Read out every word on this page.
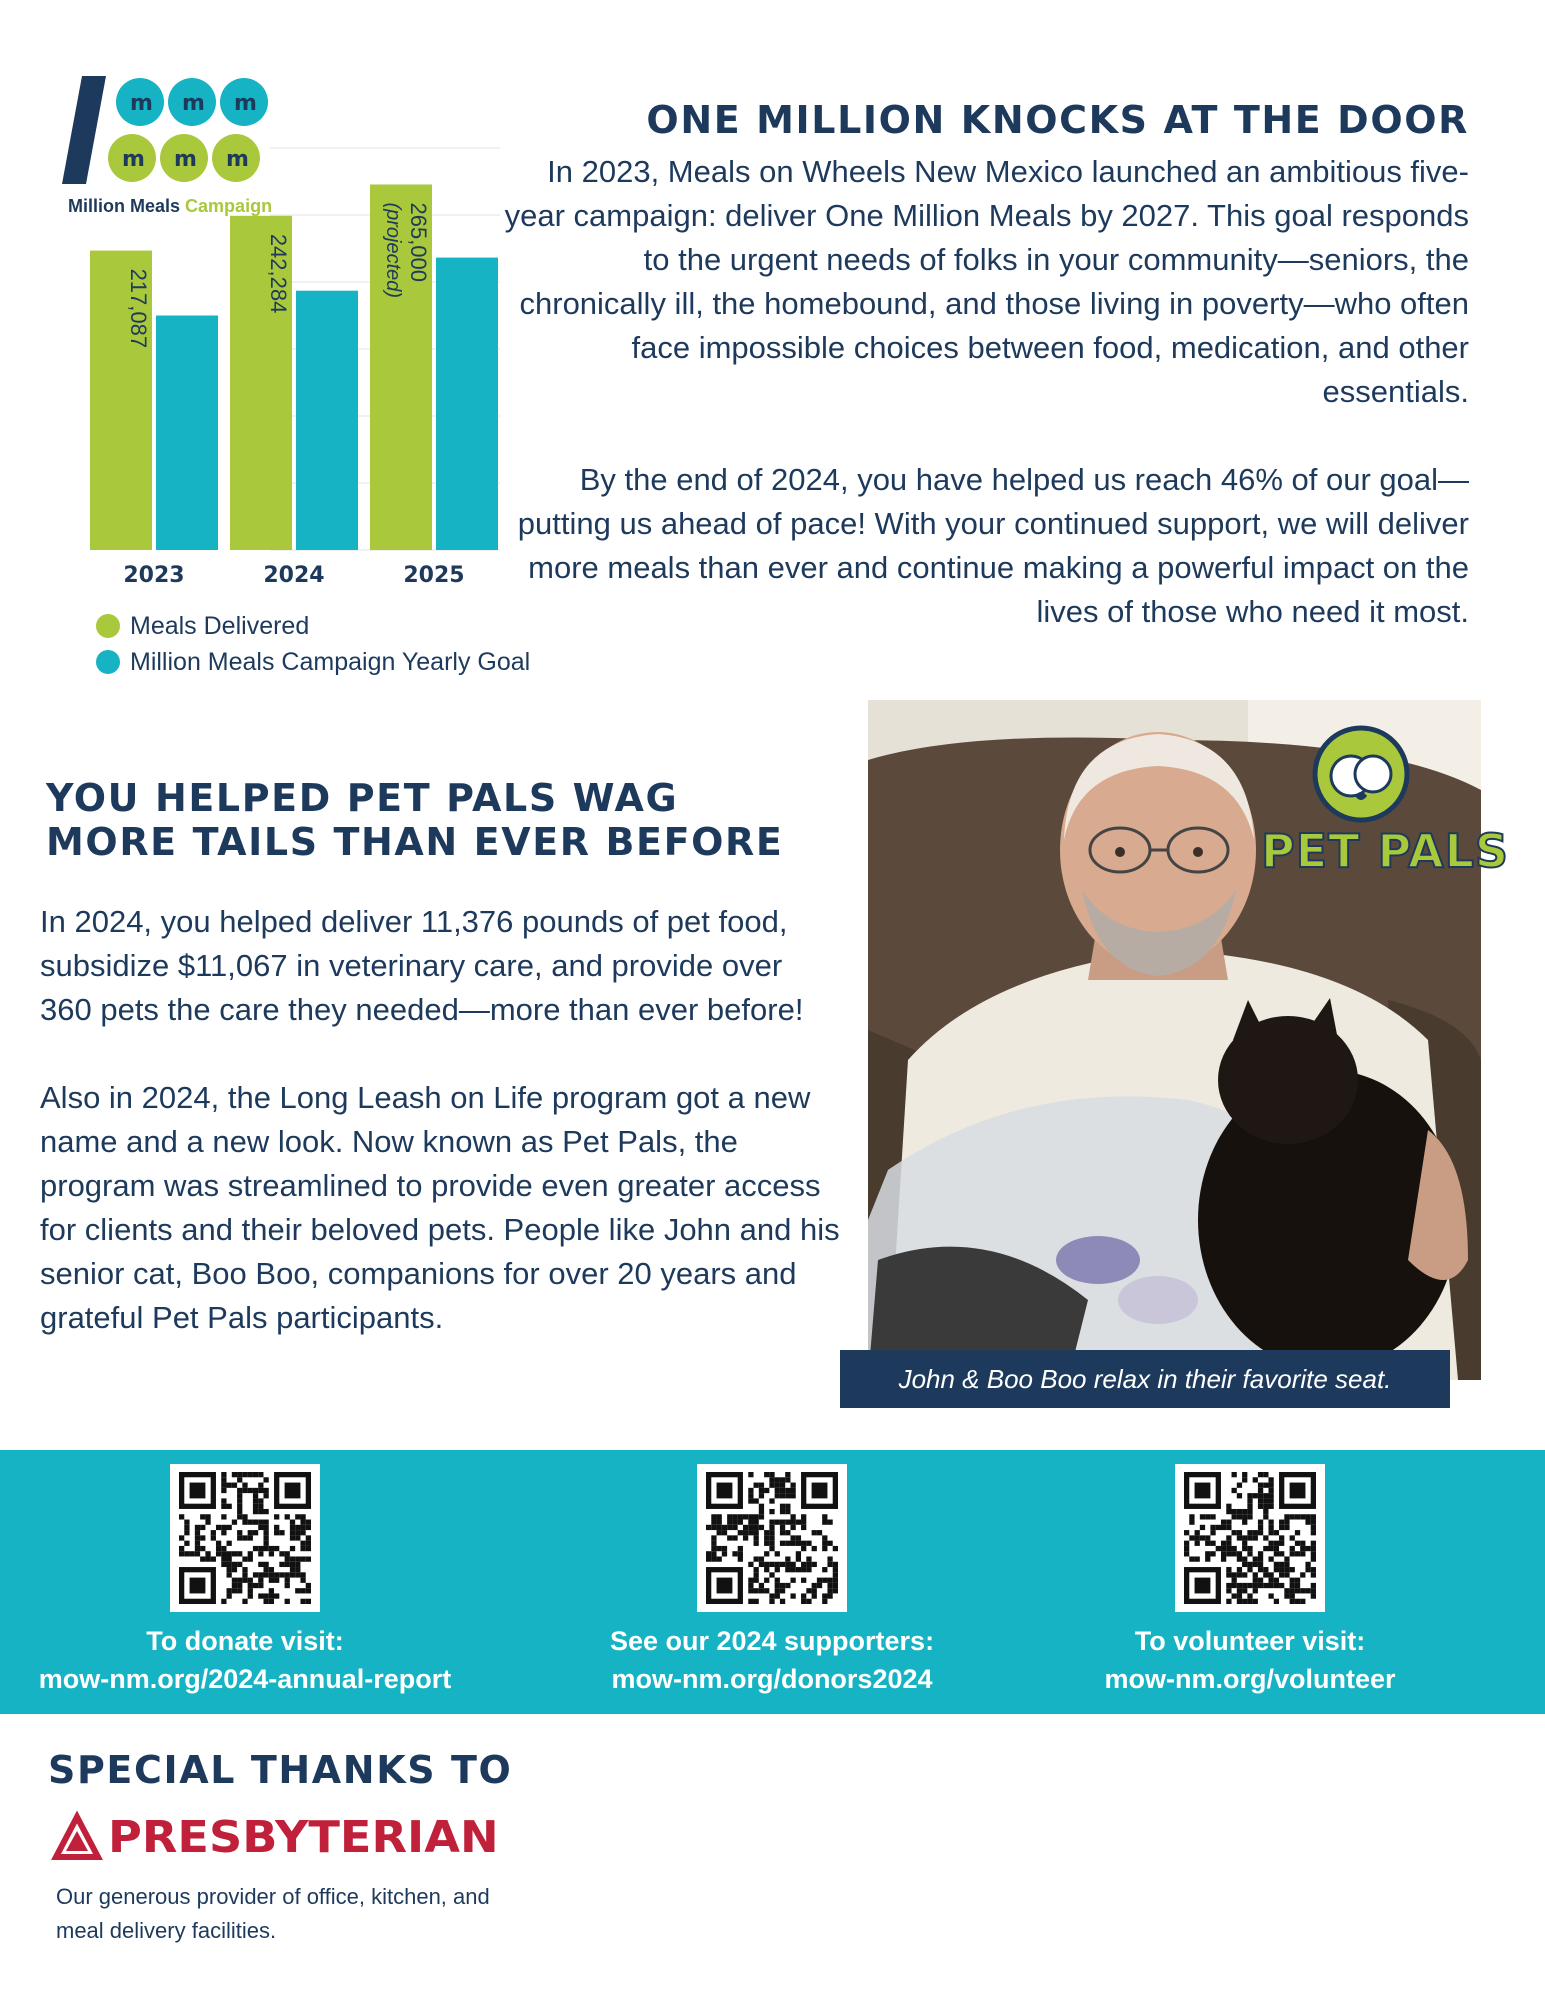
m m m
m m m
Million Meals Campaign
217,087
2023
242,284
2024
265,000
(projected)
2025
Meals Delivered
Million Meals Campaign Yearly Goal
ONE MILLION KNOCKS AT THE DOOR

In 2023, Meals on Wheels New Mexico launched an ambitious five-year campaign: deliver One Million Meals by 2027. This goal responds to the urgent needs of folks in your community—seniors, the chronically ill, the homebound, and those living in poverty—who often face impossible choices between food, medication, and other essentials.

By the end of 2024, you have helped us reach 46% of our goal—putting us ahead of pace! With your continued support, we will deliver more meals than ever and continue making a powerful impact on the lives of those who need it most.

YOU HELPED PET PALS WAG
MORE TAILS THAN EVER BEFORE

In 2024, you helped deliver 11,376 pounds of pet food, subsidize $11,067 in veterinary care, and provide over 360 pets the care they needed—more than ever before!

Also in 2024, the Long Leash on Life program got a new name and a new look. Now known as Pet Pals, the program was streamlined to provide even greater access for clients and their beloved pets. People like John and his senior cat, Boo Boo, companions for over 20 years and grateful Pet Pals participants.

PET PALS
John & Boo Boo relax in their favorite seat.
To donate visit:
mow-nm.org/2024-annual-report
See our 2024 supporters:
mow-nm.org/donors2024
To volunteer visit:
mow-nm.org/volunteer
SPECIAL THANKS TO
PRESBYTERIAN
Our generous provider of office, kitchen, and meal delivery facilities.
